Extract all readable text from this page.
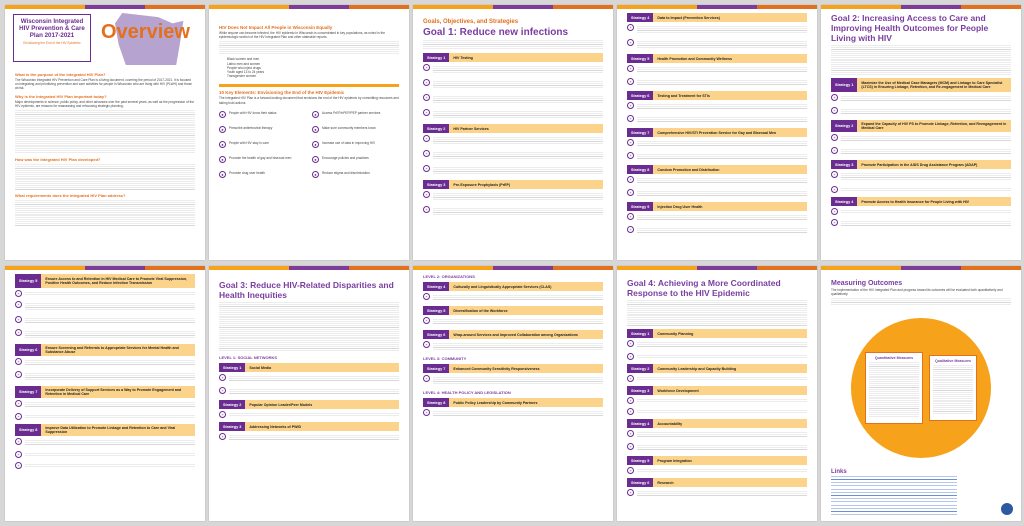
Wisconsin Integrated HIV Prevention & Care Plan 2017-2021
Envisioning the End of the HIV Epidemic	Overview
What is the purpose of the Integrated HIV Plan?
The Wisconsin Integrated HIV Prevention and Care Plan is a living document, covering the period of 2017-2021. It is focused on integrating and prioritizing prevention and care activities for people in Wisconsin who are living with HIV (PLWH) and those at risk.
Why is the Integrated HIV Plan important today?
Major developments in science, public policy, and other advances over the past several years, as well as the progression of the HIV epidemic, are reasons for reassessing and refocusing strategic planning.
How was the Integrated HIV Plan developed?
What requirements does the Integrated HIV Plan address?
HIV Does Not Impact All People in Wisconsin Equally
While anyone can become infected, the HIV epidemic in Wisconsin is concentrated in key populations, as noted in the epidemiologic section of the HIV Integrated Plan and other statewide reports.
Black women and men
Latino men and women
People who inject drugs
Youth aged 13 to 24 years
Transgender women
10 Key Elements: Envisioning the End of the HIV Epidemic
The Integrated HIV Plan is a forward-looking document that envisions the end of the HIV epidemic by committing resources and taking bold actions.
●	People with HIV know their status	●	Access PrEP/nPEP/PEP partner services
●	Prescribe antiretroviral therapy	●	Make sure community members know
●	People with HIV stay in care	●	Increase use of data in improving HIV
●	Promote the health of gay and bisexual men	●	Encourage policies and practices
●	Promote drug user health	●	Reduce stigma and discrimination
Goals, Objectives, and Strategies
Goal 1: Reduce new infections
Strategy 1	HIV Testing
+
+
+
+
Strategy 2	HIV Partner Services
+
+
+
Strategy 3	Pre-Exposure Prophylaxis (PrEP)
+
+
Strategy 4	Data to Impact (Prevention Services)
+
+
Strategy 5	Health Promotion and Community Wellness
+
+
Strategy 6	Testing and Treatment for STIs
+
+
Strategy 7	Comprehensive HIV/STI Prevention Service for Gay and Bisexual Men
+
+
Strategy 8	Condom Promotion and Distribution
+
+
Strategy 9	Injection Drug User Health
+
+
Goal 2: Increasing Access to Care and Improving Health Outcomes for People Living with HIV
Strategy 1	Maximize the Use of Medical Case Managers (MCM) and Linkage to Care Specialist (LTCS) in Ensuring Linkage, Retention, and Re-engagement in Medical Care
+
+
Strategy 2	Expand the Capacity of HIV PS to Promote Linkage, Retention, and Reengagement in Medical Care
+
+
Strategy 3	Promote Participation in the AIDS Drug Assistance Program (ADAP)
+
+
Strategy 4	Promote Access to Health Insurance for People Living with HIV
+
+
Strategy 5	Ensure Access to and Retention in HIV Medical Care to Promote Viral Suppression, Positive Health Outcomes, and Reduce Infection Transmission
+
+
+
+
Strategy 6	Ensure Screening and Referrals to Appropriate Services for Mental Health and Substance Abuse
+
+
Strategy 7	Incorporate Delivery of Support Services as a Way to Promote Engagement and Retention in Medical Care
+
+
Strategy 8	Improve Data Utilization to Promote Linkage and Retention to Care and Viral Suppression
+
+
+
Goal 3: Reduce HIV-Related Disparities and Health Inequities
LEVEL 1: SOCIAL NETWORKS
Strategy 1	Social Media
+
+
Strategy 2	Popular Opinion Leader/Peer Models
+
Strategy 3	Addressing Networks of PWID
+
LEVEL 2: ORGANIZATIONS
Strategy 4	Culturally and Linguistically Appropriate Services (CLAS)
+
Strategy 5	Diversification of the Workforce
+
Strategy 6	Wrap-around Services and Improved Collaboration among Organizations
+
LEVEL 3: COMMUNITY
Strategy 7	Enhanced Community Sensitivity Responsiveness
+
LEVEL 4: HEALTH POLICY AND LEGISLATION
Strategy 8	Public Policy Leadership by Community Partners
+
Goal 4: Achieving a More Coordinated Response to the HIV Epidemic
Strategy 1	Community Planning
+
+
Strategy 2	Community Leadership and Capacity Building
+
Strategy 3	Workforce Development
+
+
Strategy 4	Accountability
+
+
Strategy 5	Program Integration
+
Strategy 6	Research
+
Measuring Outcomes
The implementation of the HIV Integrated Plan and progress toward its outcomes will be evaluated both quantitatively and qualitatively.
Quantitative Measures
Qualitative Measures
Links
